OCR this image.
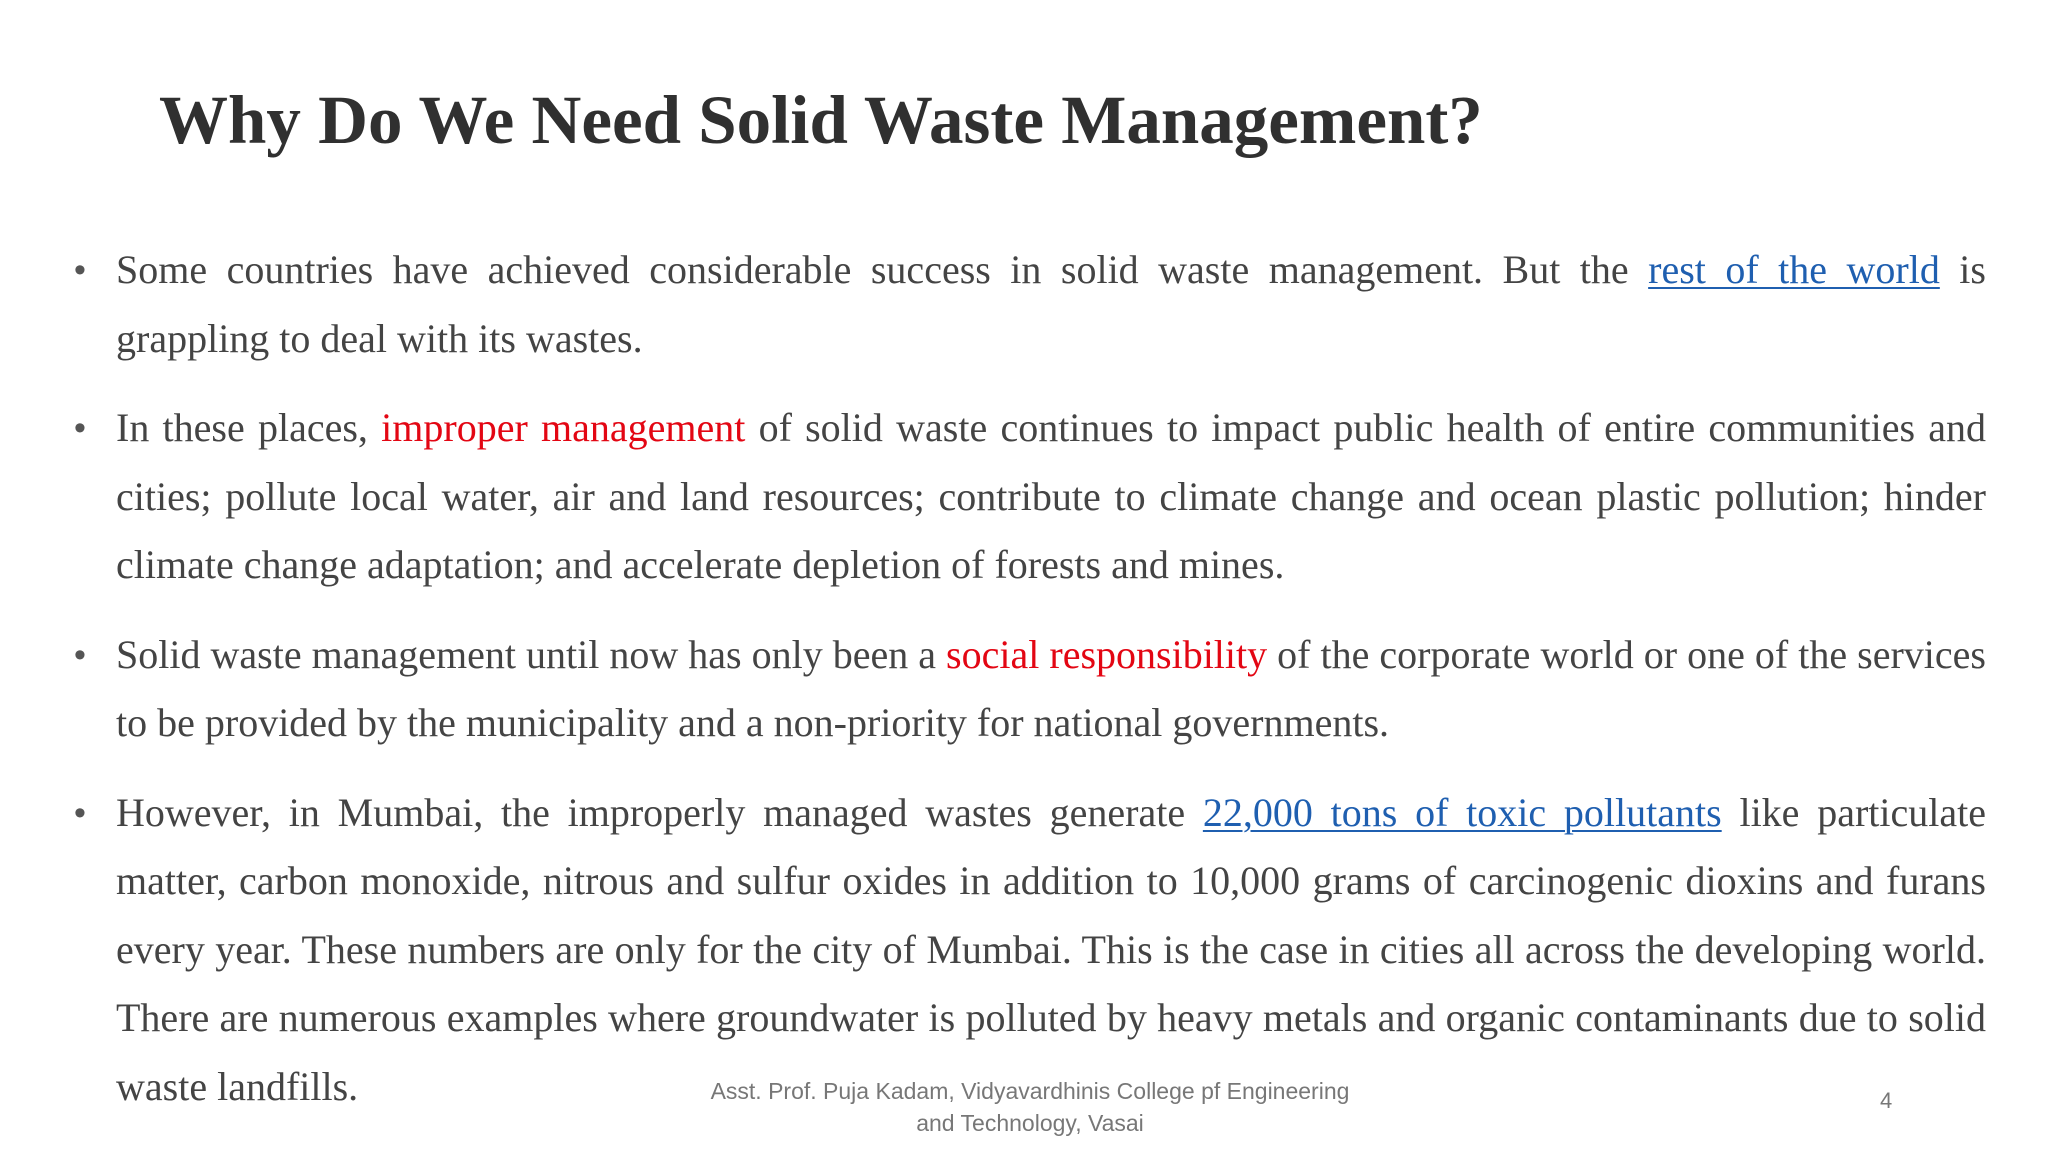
Why Do We Need Solid Waste Management?
• Some countries have achieved considerable success in solid waste management. But the rest of the world is grappling to deal with its wastes.
• In these places, improper management of solid waste continues to impact public health of entire communities and cities; pollute local water, air and land resources; contribute to climate change and ocean plastic pollution; hinder climate change adaptation; and accelerate depletion of forests and mines.
• Solid waste management until now has only been a social responsibility of the corporate world or one of the services to be provided by the municipality and a non-priority for national governments.
• However, in Mumbai, the improperly managed wastes generate 22,000 tons of toxic pollutants like particulate matter, carbon monoxide, nitrous and sulfur oxides in addition to 10,000 grams of carcinogenic dioxins and furans every year. These numbers are only for the city of Mumbai. This is the case in cities all across the developing world. There are numerous examples where groundwater is polluted by heavy metals and organic contaminants due to solid waste landfills.	Asst. Prof. Puja Kadam, Vidyavardhinis College pf Engineering
and Technology, Vasai
4
